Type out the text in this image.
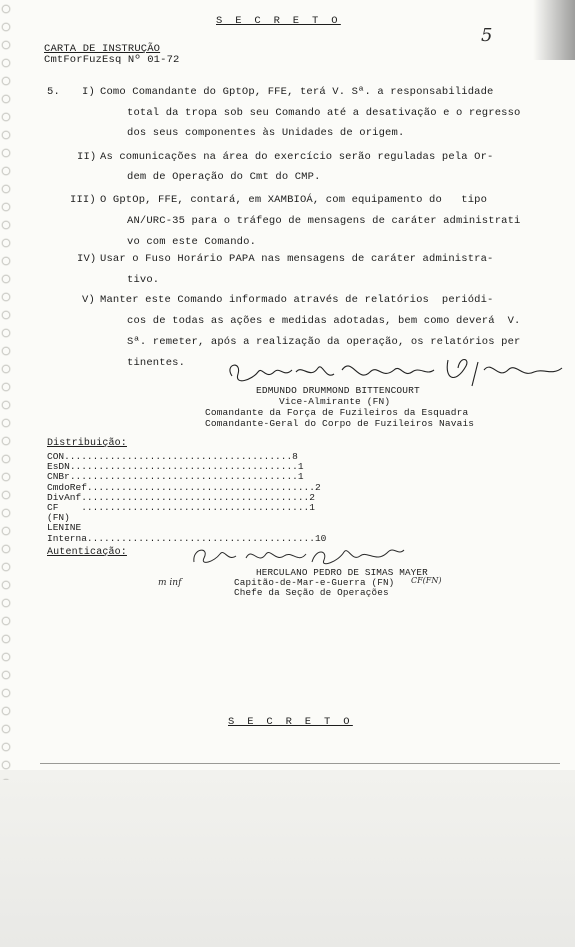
S E C R E T O
5
CARTA DE INSTRUÇÃO
CmtForFuzEsq Nº 01-72
5. I) Como Comandante do GptOp, FFE, terá V. Sª. a responsabilidade
total da tropa sob seu Comando até a desativação e o regresso
dos seus componentes às Unidades de origem.
II) As comunicações na área do exercício serão reguladas pela Or-
dem de Operação do Cmt do CMP.
III) O GptOp, FFE, contará, em XAMBIOÁ, com equipamento do   tipo
AN/URC-35 para o tráfego de mensagens de caráter administrati
vo com este Comando.
IV) Usar o Fuso Horário PAPA nas mensagens de caráter administra-
tivo.
V) Manter este Comando informado através de relatórios  periódi-
cos de todas as ações e medidas adotadas, bem como deverá  V.
Sª. remeter, após a realização da operação, os relatórios per
tinentes.
EDMUNDO DRUMMOND BITTENCOURT
Vice-Almirante (FN)
Comandante da Força de Fuzileiros da Esquadra
Comandante-Geral do Corpo de Fuzileiros Navais
Distribuição:
CON ........................................ 8
EsDN ........................................ 1
CNBr ........................................ 1
CmdoRef ........................................ 2
DivAnf ........................................ 2
CF (FN) LENINE
........................................ 1
Interna ........................................ 10
Autenticação:
m inf
HERCULANO PEDRO DE SIMAS MAYER
Capitão-de-Mar-e-Guerra (FN) CF(FN)
Chefe da Seção de Operações
S E C R E T O
